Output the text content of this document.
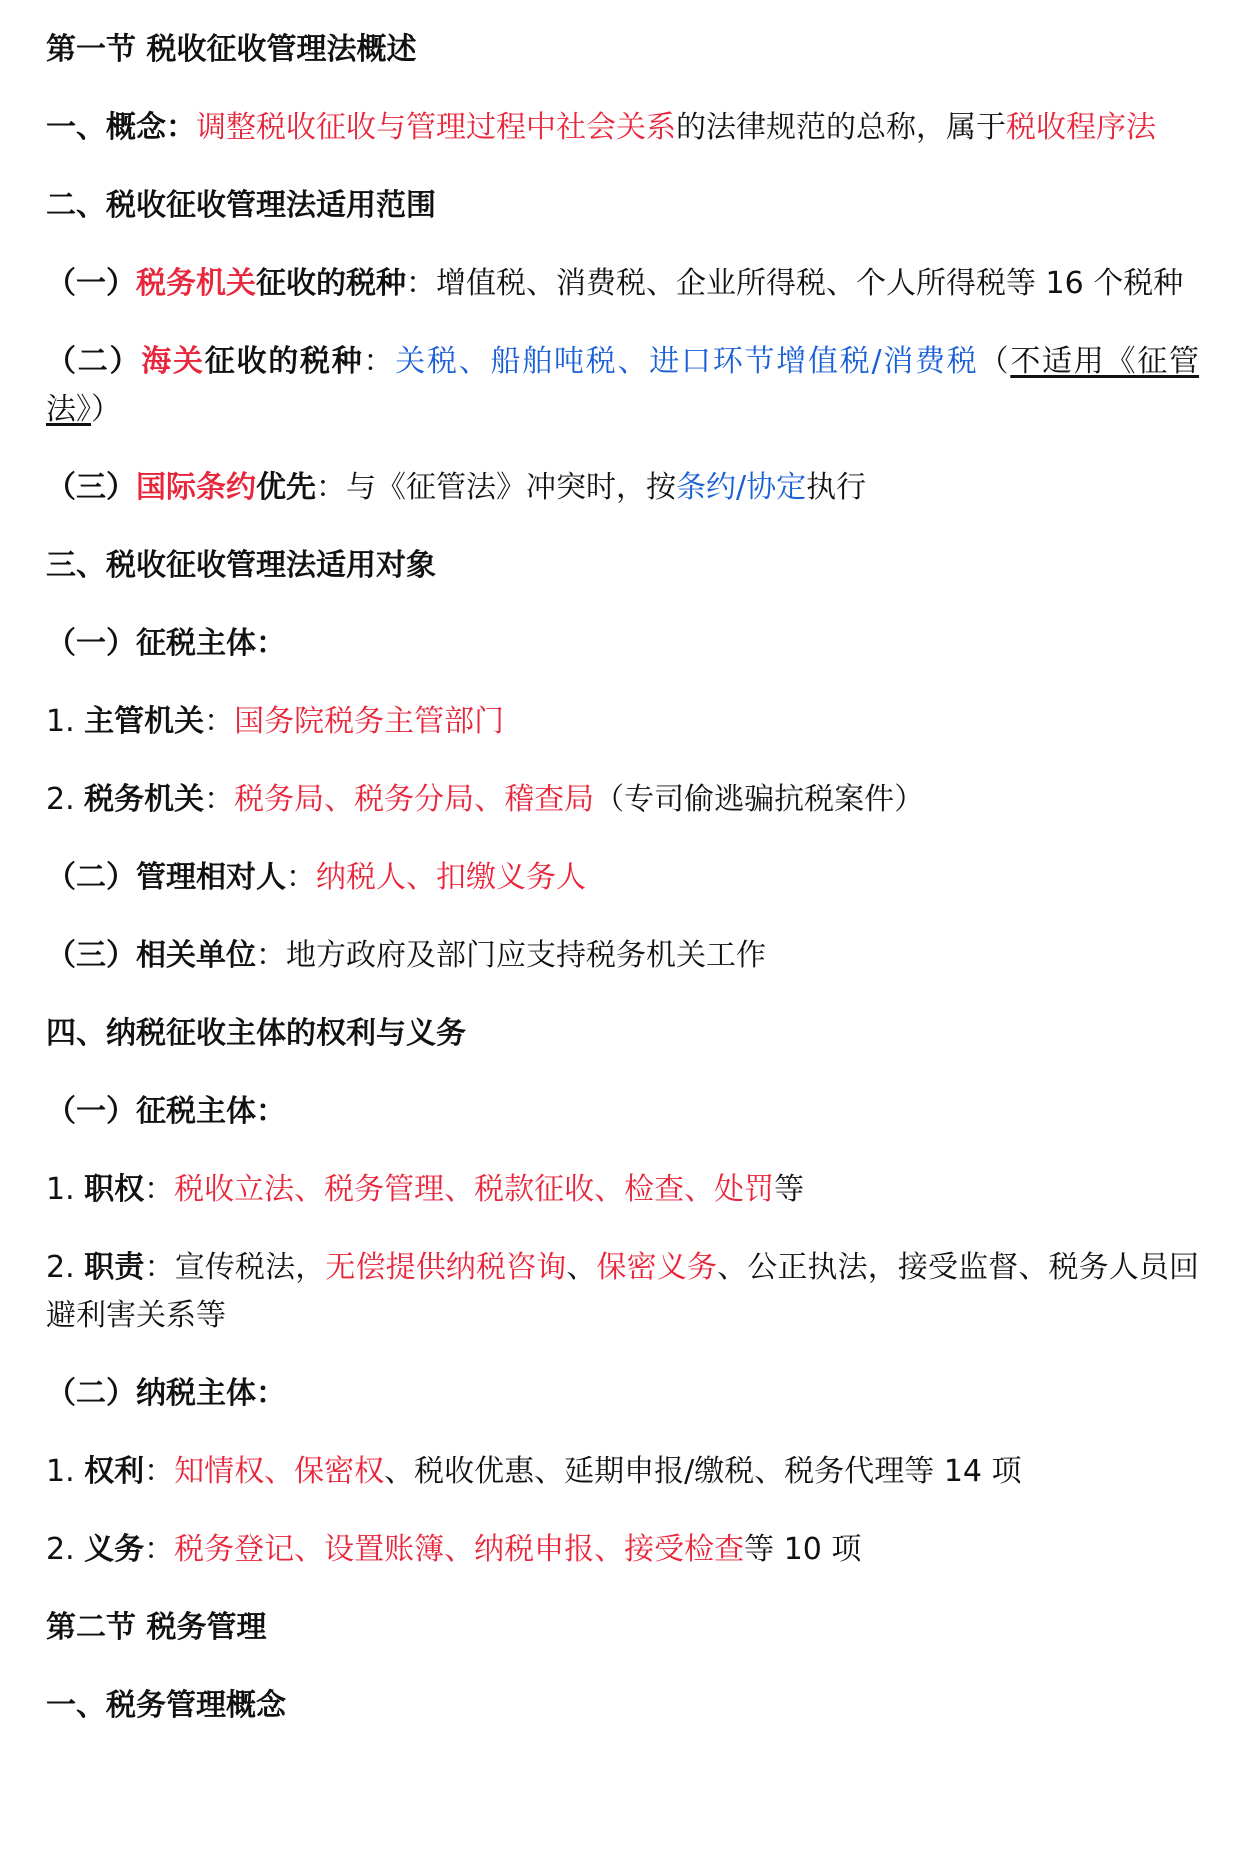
第一节 税收征收管理法概述
一、概念：调整税收征收与管理过程中社会关系的法律规范的总称，属于税收程序法
二、税收征收管理法适用范围
（一）税务机关征收的税种：增值税、消费税、企业所得税、个人所得税等 16 个税种
（二）海关征收的税种：关税、船舶吨税、进口环节增值税/消费税（不适用《征管法》）
（三）国际条约优先：与《征管法》冲突时，按条约/协定执行
三、税收征收管理法适用对象
（一）征税主体：
1. 主管机关：国务院税务主管部门
2. 税务机关：税务局、税务分局、稽查局（专司偷逃骗抗税案件）
（二）管理相对人：纳税人、扣缴义务人
（三）相关单位：地方政府及部门应支持税务机关工作
四、纳税征收主体的权利与义务
（一）征税主体：
1. 职权：税收立法、税务管理、税款征收、检查、处罚等
2. 职责：宣传税法，无偿提供纳税咨询、保密义务、公正执法，接受监督、税务人员回避利害关系等
（二）纳税主体：
1. 权利：知情权、保密权、税收优惠、延期申报/缴税、税务代理等 14 项
2. 义务：税务登记、设置账簿、纳税申报、接受检查等 10 项
第二节 税务管理
一、税务管理概念
